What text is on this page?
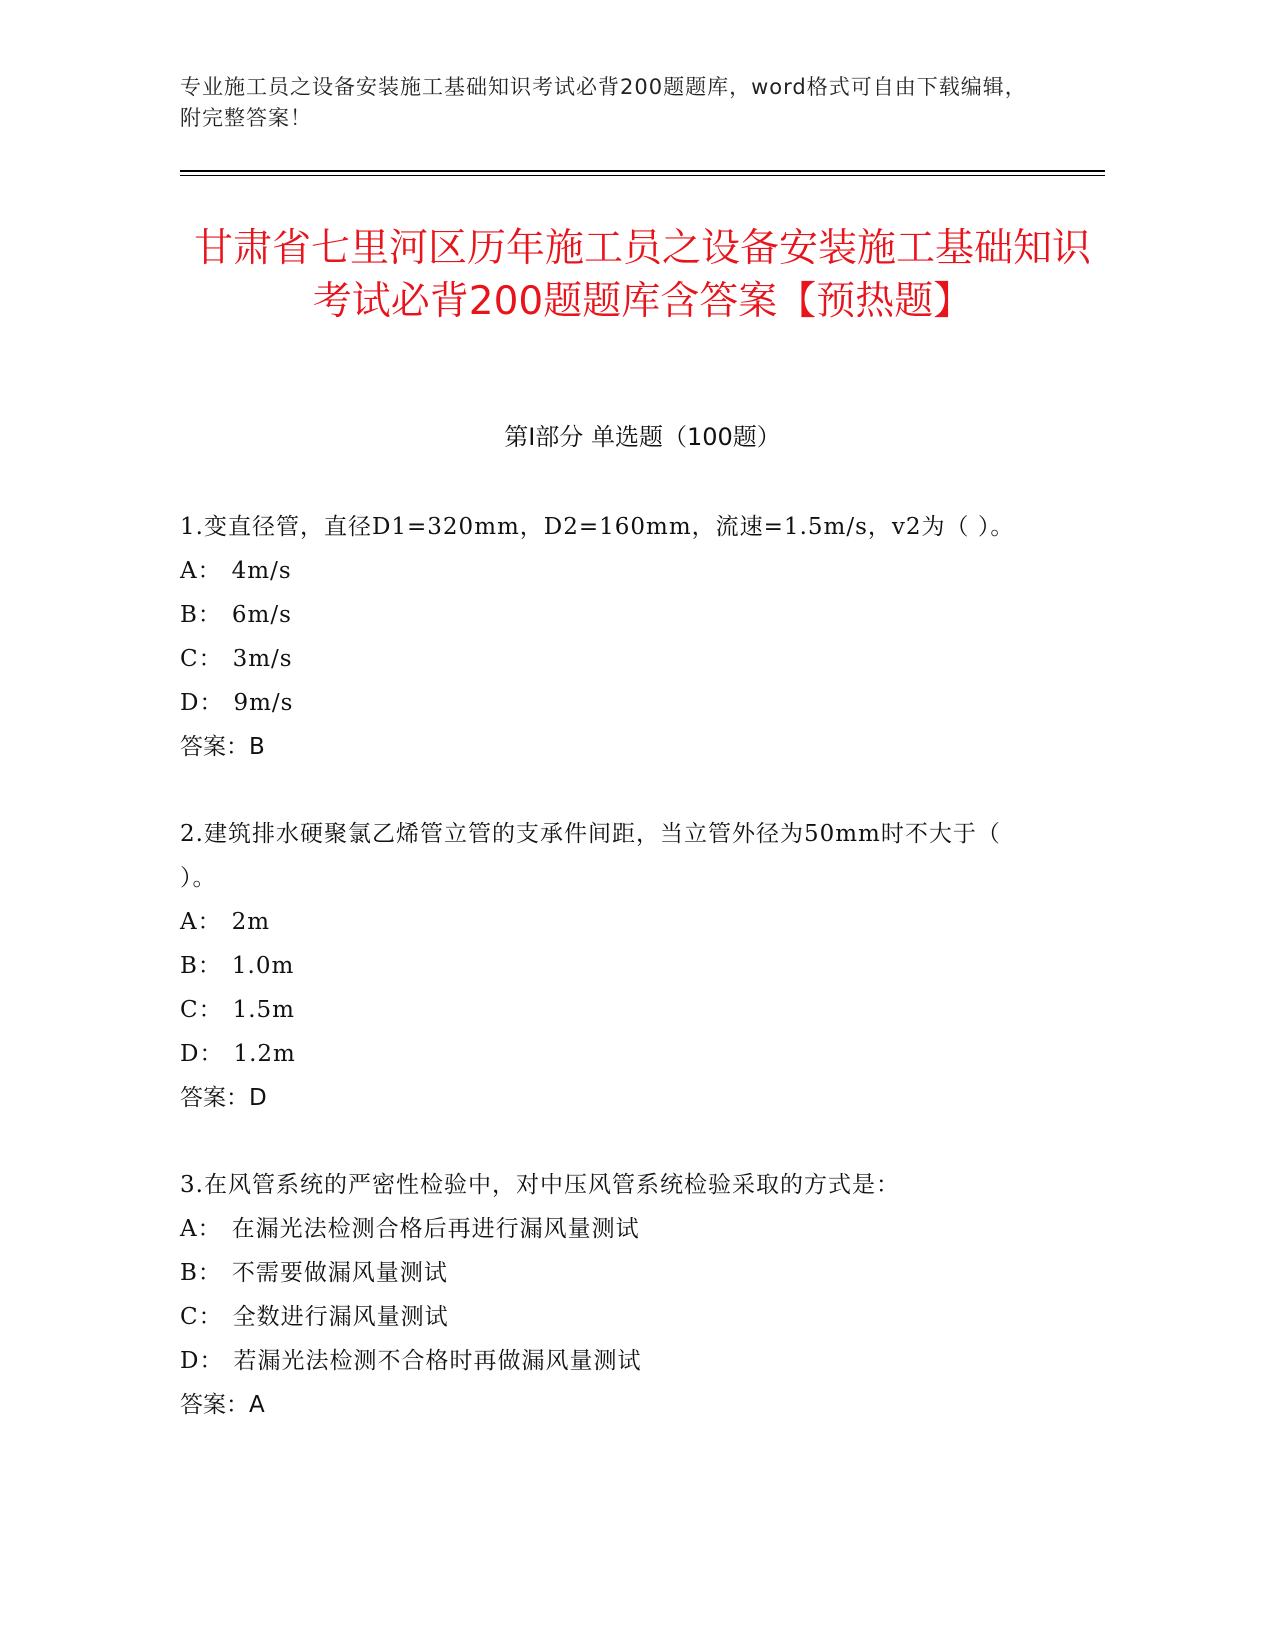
专业施工员之设备安装施工基础知识考试必背200题题库，word格式可自由下载编辑，附完整答案！
甘肃省七里河区历年施工员之设备安装施工基础知识考试必背200题题库含答案【预热题】
第Ⅰ部分 单选题（100题）
1.变直径管，直径D1=320mm，D2=160mm，流速=1.5m/s，v2为（ ）。
A： 4m/s
B： 6m/s
C： 3m/s
D： 9m/s
答案：B
2.建筑排水硬聚氯乙烯管立管的支承件间距，当立管外径为50mm时不大于（ ）。
A： 2m
B： 1.0m
C： 1.5m
D： 1.2m
答案：D
3.在风管系统的严密性检验中，对中压风管系统检验采取的方式是：
A： 在漏光法检测合格后再进行漏风量测试
B： 不需要做漏风量测试
C： 全数进行漏风量测试
D： 若漏光法检测不合格时再做漏风量测试
答案：A
